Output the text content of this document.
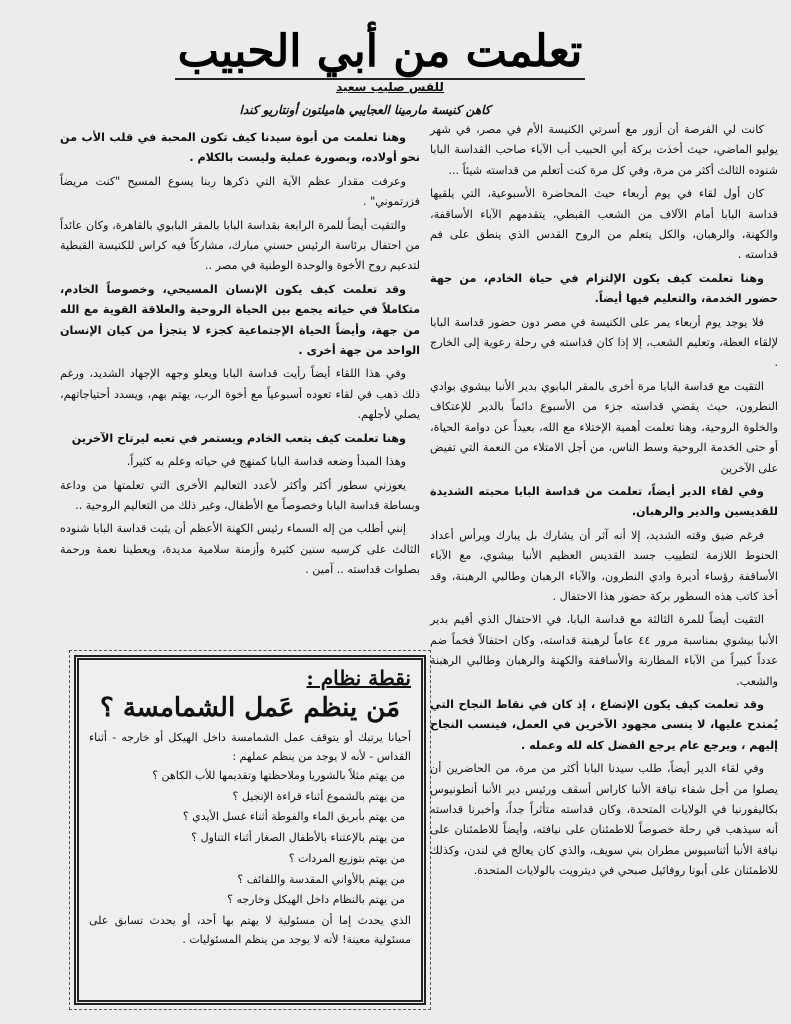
تعلمت من أبي الحبيب
للقس صليب سعيد
كاهن كنيسة مارمينا العجايبي هاميلتون أونتاريو كندا

كانت لي الفرصة أن أزور مع أسرتي الكنيسة الأم في مصر، في شهر يوليو الماضي، حيث أخذت بركة أبي الحبيب أب الآباء صاحب القداسة البابا شنوده الثالث أكثر من مرة، وفي كل مرة كنت أتعلم من قداسته شيئاً ...

كان أول لقاء في يوم أربعاء حيث المحاضرة الأسبوعية، التي يلقيها قداسة البابا أمام الآلاف من الشعب القبطي، يتقدمهم الآباء الأساقفة، والكهنة، والرهبان، والكل يتعلم من الروح القدس الذي ينطق على فم قداسته .

وهنا تعلمت كيف يكون الإلتزام في حياة الخادم، من جهة حضور الخدمة، والتعليم فيها أيضاً.

فلا يوجد يوم أربعاء يمر على الكنيسة في مصر دون حضور قداسة البابا لإلقاء العظة، وتعليم الشعب، إلا إذا كان قداسته في رحلة رعوية إلى الخارج .

التقيت مع قداسة البابا مرة أخرى بالمقر البابوي بدير الأنبا بيشوي بوادي النطرون، حيث يقضي قداسته جزء من الأسبوع دائماً بالدير للإعتكاف والخلوة الروحية، وهنا تعلمت أهمية الإختلاء مع الله، بعيداً عن دوامة الحياة، أو حتى الخدمة الروحية وسط الناس، من أجل الامتلاء من النعمة التي تفيض على الآخرين

وفي لقاء الدير أيضاً، تعلمت من قداسة البابا محبته الشديدة للقديسين والدير والرهبان.

فرغم ضيق وقته الشديد، إلا أنه آثر أن يشارك بل يبارك ويرأس أعداد الحنوط اللازمة لتطييب جسد القديس العظيم الأنبا بيشوي، مع الآباء الأساقفة رؤساء أديرة وادي النطرون، والآباء الرهبان وطالبي الرهبنة، وقد أخذ كاتب هذه السطور بركة حضور هذا الاحتفال .

التقيت أيضاً للمرة الثالثة مع قداسة البابا، في الاحتفال الذي أقيم بدير الأنبا بيشوي بمناسبة مرور ٤٤ عاماً لرهبنة قداسته، وكان احتفالاً فخماً ضم عدداً كبيراً من الآباء المطارنة والأساقفة والكهنة والرهبان وطالبي الرهبنة والشعب.

وقد تعلمت كيف يكون الإتضاع ، إذ كان في نقاط النجاح التي يُمتدح عليها، لا ينسى مجهود الآخرين في العمل، فينسب النجاح إليهم ، ويرجع عام يرجع الفضل كله لله وعمله .

وفي لقاء الدير أيضاً، طلب سيدنا البابا أكثر من مرة، من الحاضرين أن يصلوا من أجل شفاء نيافة الأنبا كاراس أسقف ورئيس دير الأنبا أنطونيوس بكاليفورنيا في الولايات المتحدة، وكان قداسته متأثراً جداً، وأخبرنا قداسته أنه سيذهب في رحلة خصوصاً للاطمئنان على نيافته، وأيضاً للاطمئنان على نيافة الأنبا أثناسيوس مطران بني سويف، والذي كان يعالج في لندن، وكذلك للاطمئنان على أبونا روفائيل صبحي في ديترويت بالولايات المتحدة.

وهنا تعلمت من أبوة سيدنا كيف تكون المحبة في قلب الأب من نحو أولاده، وبصورة عملية وليست بالكلام .

وعرفت مقدار عظم الآية التي ذكرها ربنا يسوع المسيح "كنت مريضاً فزرتموني" .

والتقيت أيضاً للمرة الرابعة بقداسة البابا بالمقر البابوي بالقاهرة، وكان عائداً من احتفال برئاسة الرئيس حسني مبارك، مشاركاً فيه كراس للكنيسة القبطية لتدعيم روح الأخوة والوحدة الوطنية في مصر ..

وقد تعلمت كيف يكون الإنسان المسيحي، وخصوصاً الخادم، متكاملاً في حياته يجمع بين الحياة الروحية والعلاقة القوية مع الله من جهة، وأيضاً الحياة الإجتماعية كجزء لا يتجزأ من كيان الإنسان الواحد من جهة أخرى .

وفي هذا اللقاء أيضاً رأيت قداسة البابا ويعلو وجهه الإجهاد الشديد، ورغم ذلك ذهب في لقاء تعوده أسبوعياً مع أخوة الرب، يهتم بهم، ويسدد أحتياجاتهم، يصلي لأجلهم.

وهنا تعلمت كيف يتعب الخادم ويستمر في تعبه ليرتاح الآخرين

وهذا المبدأ وضعه قداسة البابا كمنهج في حياته وعلم به كثيراً.

يعوزني سطور أكثر وأكثر لأعدد التعاليم الأخرى التي تعلمتها من وداعة وبساطة قداسة البابا وخصوصاً مع الأطفال، وغير ذلك من التعاليم الروحية ..

إنني أطلب من إله السماء رئيس الكهنة الأعظم أن يثبت قداسة البابا شنوده الثالث على كرسيه سنين كثيرة وأزمنة سلامية مديدة، ويعطينا نعمة ورحمة بصلوات قداسته .. آمين .

نقطة نظام :
مَن ينظم عَمل الشمامسة ؟
أحيانا يرتبك أو يتوقف عمل الشمامسة داخل الهيكل أو خارجه - أثناء القداس - لأنه لا يوجد من ينظم عملهم :
من يهتم مثلاً بالشوريا وملاحظتها وتقديمها للأب الكاهن ؟
من يهتم بالشموع أثناء قراءة الإنجيل ؟
من يهتم بأبريق الماء والفوطة أثناء غسل الأيدي ؟
من يهتم بالإعتناء بالأطفال الصغار أثناء التناول ؟
من يهتم بتوزيع المردات ؟
من يهتم بالأواني المقدسة واللفائف ؟
من يهتم بالنظام داخل الهيكل وخارجه ؟
الذي يحدث إما أن مسئولية لا يهتم بها أحد، أو يحدث تسابق على مسئولية معينة! لأنه لا يوجد من ينظم المسئوليات .
